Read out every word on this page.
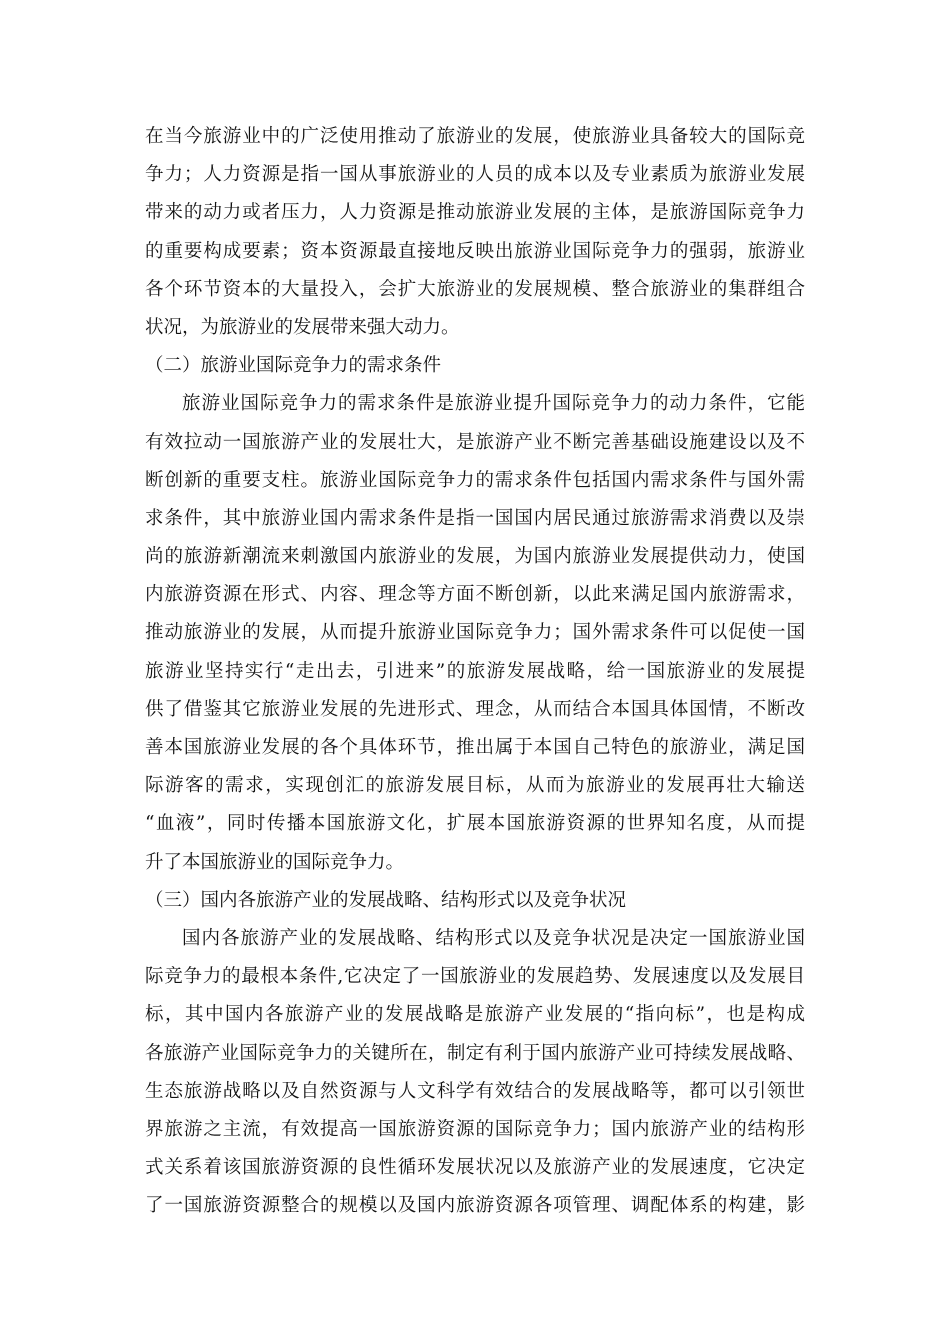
在当今旅游业中的广泛使用推动了旅游业的发展，使旅游业具备较大的国际竞
争力；人力资源是指一国从事旅游业的人员的成本以及专业素质为旅游业发展
带来的动力或者压力，人力资源是推动旅游业发展的主体，是旅游国际竞争力
的重要构成要素；资本资源最直接地反映出旅游业国际竞争力的强弱，旅游业
各个环节资本的大量投入，会扩大旅游业的发展规模、整合旅游业的集群组合
状况，为旅游业的发展带来强大动力。
（二）旅游业国际竞争力的需求条件
旅游业国际竞争力的需求条件是旅游业提升国际竞争力的动力条件，它能
有效拉动一国旅游产业的发展壮大，是旅游产业不断完善基础设施建设以及不
断创新的重要支柱。旅游业国际竞争力的需求条件包括国内需求条件与国外需
求条件，其中旅游业国内需求条件是指一国国内居民通过旅游需求消费以及崇
尚的旅游新潮流来刺激国内旅游业的发展，为国内旅游业发展提供动力，使国
内旅游资源在形式、内容、理念等方面不断创新，以此来满足国内旅游需求，
推动旅游业的发展，从而提升旅游业国际竞争力；国外需求条件可以促使一国
旅游业坚持实行“走出去，引进来”的旅游发展战略，给一国旅游业的发展提
供了借鉴其它旅游业发展的先进形式、理念，从而结合本国具体国情，不断改
善本国旅游业发展的各个具体环节，推出属于本国自己特色的旅游业，满足国
际游客的需求，实现创汇的旅游发展目标，从而为旅游业的发展再壮大输送
“血液”，同时传播本国旅游文化，扩展本国旅游资源的世界知名度，从而提
升了本国旅游业的国际竞争力。
（三）国内各旅游产业的发展战略、结构形式以及竞争状况
国内各旅游产业的发展战略、结构形式以及竞争状况是决定一国旅游业国
际竞争力的最根本条件,它决定了一国旅游业的发展趋势、发展速度以及发展目
标，其中国内各旅游产业的发展战略是旅游产业发展的“指向标”，也是构成
各旅游产业国际竞争力的关键所在，制定有利于国内旅游产业可持续发展战略、
生态旅游战略以及自然资源与人文科学有效结合的发展战略等，都可以引领世
界旅游之主流，有效提高一国旅游资源的国际竞争力；国内旅游产业的结构形
式关系着该国旅游资源的良性循环发展状况以及旅游产业的发展速度，它决定
了一国旅游资源整合的规模以及国内旅游资源各项管理、调配体系的构建，影
